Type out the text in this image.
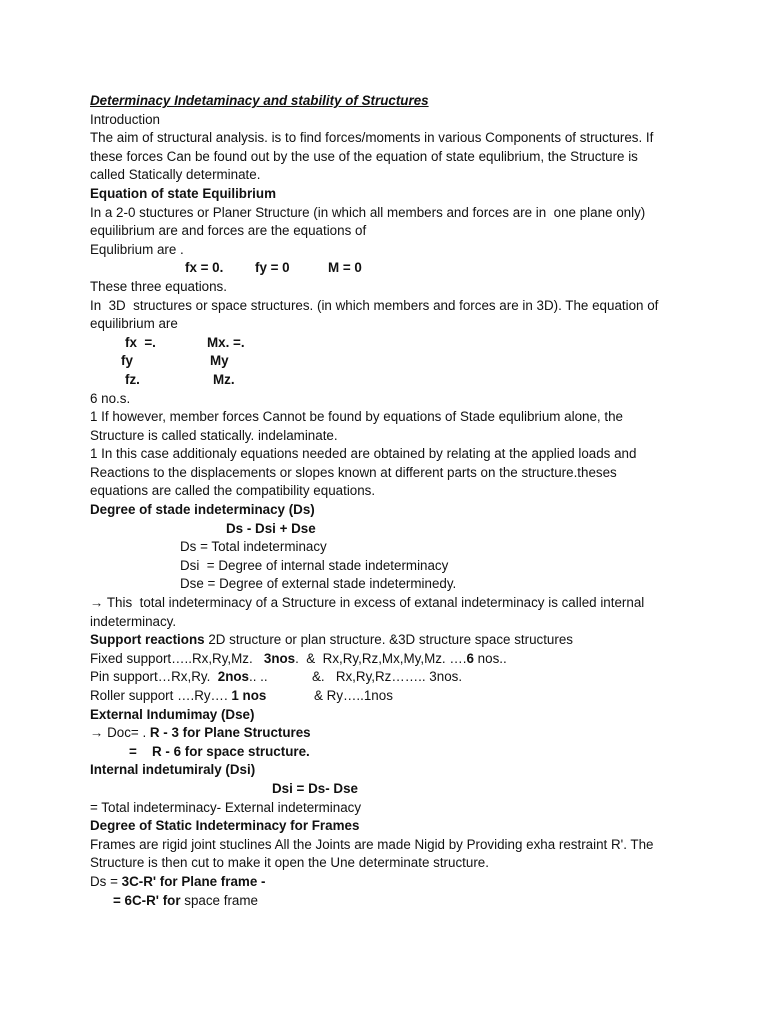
Determinacy Indetaminacy and stability of Structures
Introduction
The aim of structural analysis. is to find forces/moments in various Components of structures. If
these forces Can be found out by the use of the equation of state equlibrium, the Structure is
called Statically determinate.
Equation of state Equilibrium
In a 2-0 stuctures or Planer Structure (in which all members and forces are in  one plane only)
equilibrium are and forces are the equations of
Equlibrium are .
fx = 0. fy = 0	M = 0
These three equations.
In  3D  structures or space structures. (in which members and forces are in 3D). The equation of
equilibrium are
fx  =.	Mx. =.
fy	My
fz.	Mz.
6 no.s.
1 If however, member forces Cannot be found by equations of Stade equlibrium alone, the
Structure is called statically. indelaminate.
1 In this case additionaly equations needed are obtained by relating at the applied loads and
Reactions to the displacements or slopes known at different parts on the structure.theses
equations are called the compatibility equations.
Degree of stade indeterminacy (Ds)
Ds - Dsi + Dse
Ds = Total indeterminacy
Dsi  = Degree of internal stade indeterminacy
Dse = Degree of external stade indeterminedy.
→ This  total indeterminacy of a Structure in excess of extanal indeterminacy is called internal
indeterminacy.
Support reactions 2D structure or plan structure. &3D structure space structures
Fixed support…..Rx,Ry,Mz.   3nos.  &  Rx,Ry,Rz,Mx,My,Mz. ….6 nos..
Pin support…Rx,Ry.  2nos.. ..	&.   Rx,Ry,Rz…….. 3nos.
Roller support ….Ry…. 1 nos	& Ry…..1nos
External Indumimay (Dse)
→ Doc= . R - 3 for Plane Structures
= R - 6 for space structure.
Internal indetumiraly (Dsi)
Dsi = Ds- Dse
= Total indeterminacy- External indeterminacy
Degree of Static Indeterminacy for Frames
Frames are rigid joint stuclines All the Joints are made Nigid by Providing exha restraint R'. The
Structure is then cut to make it open the Une determinate structure.
Ds = 3C-R' for Plane frame -
= 6C-R' for space frame
